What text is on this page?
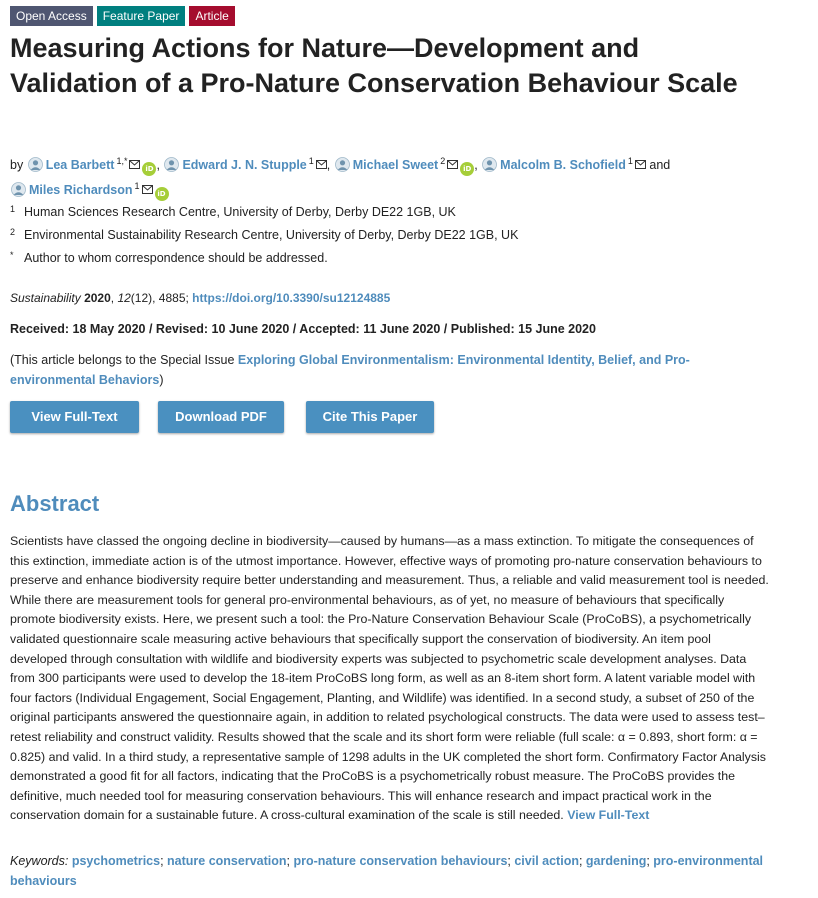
Open Access	Feature Paper	Article
Measuring Actions for Nature—Development and Validation of a Pro-Nature Conservation Behaviour Scale
by Lea Barbett $^{1,*}$iD , Edward J. N. Stupple $^1$ , Michael Sweet $^2$iD , Malcolm B. Schofield $^1$ and
Miles Richardson $^1$iD
1 Human Sciences Research Centre, University of Derby, Derby DE22 1GB, UK
2 Environmental Sustainability Research Centre, University of Derby, Derby DE22 1GB, UK
* Author to whom correspondence should be addressed.
Sustainability 2020, 12(12), 4885; https://doi.org/10.3390/su12124885
Received: 18 May 2020 / Revised: 10 June 2020 / Accepted: 11 June 2020 / Published: 15 June 2020
(This article belongs to the Special Issue Exploring Global Environmentalism: Environmental Identity, Belief, and Pro-environmental Behaviors)
View Full-Text	Download PDF	Cite This Paper
Abstract
Scientists have classed the ongoing decline in biodiversity—caused by humans—as a mass extinction. To mitigate the consequences of this extinction, immediate action is of the utmost importance. However, effective ways of promoting pro-nature conservation behaviours to preserve and enhance biodiversity require better understanding and measurement. Thus, a reliable and valid measurement tool is needed. While there are measurement tools for general pro-environmental behaviours, as of yet, no measure of behaviours that specifically promote biodiversity exists. Here, we present such a tool: the Pro-Nature Conservation Behaviour Scale (ProCoBS), a psychometrically validated questionnaire scale measuring active behaviours that specifically support the conservation of biodiversity. An item pool developed through consultation with wildlife and biodiversity experts was subjected to psychometric scale development analyses. Data from 300 participants were used to develop the 18-item ProCoBS long form, as well as an 8-item short form. A latent variable model with four factors (Individual Engagement, Social Engagement, Planting, and Wildlife) was identified. In a second study, a subset of 250 of the original participants answered the questionnaire again, in addition to related psychological constructs. The data were used to assess test–retest reliability and construct validity. Results showed that the scale and its short form were reliable (full scale: α = 0.893, short form: α = 0.825) and valid. In a third study, a representative sample of 1298 adults in the UK completed the short form. Confirmatory Factor Analysis demonstrated a good fit for all factors, indicating that the ProCoBS is a psychometrically robust measure. The ProCoBS provides the definitive, much needed tool for measuring conservation behaviours. This will enhance research and impact practical work in the conservation domain for a sustainable future. A cross-cultural examination of the scale is still needed. View Full-Text
Keywords: psychometrics; nature conservation; pro-nature conservation behaviours; civil action; gardening; pro-environmental behaviours
